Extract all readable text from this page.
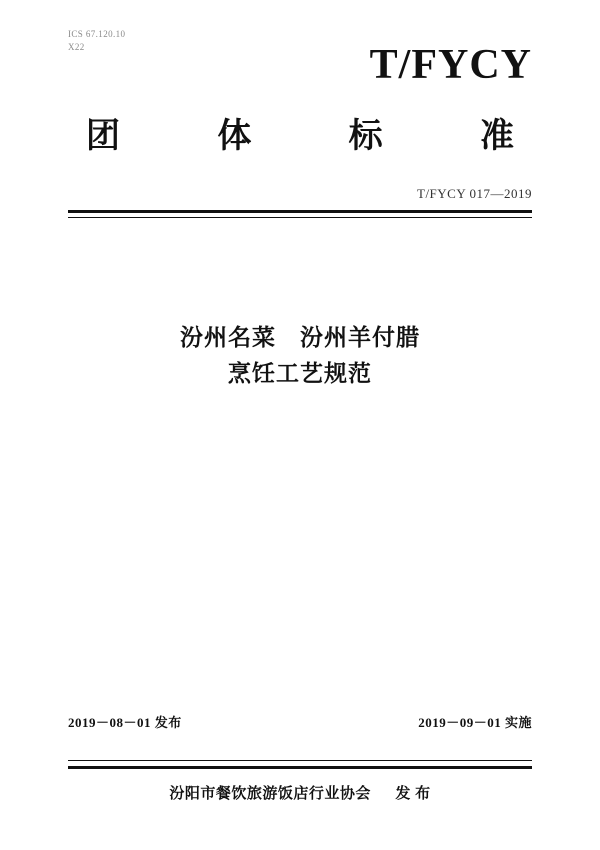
ICS 67.120.10
X22	T/FYCY
团	体	标	准
T/FYCY 017—2019
汾州名菜　汾州羊付腊
烹饪工艺规范
2019－08－01 发布	2019－09－01 实施
汾阳市餐饮旅游饭店行业协会 发 布
